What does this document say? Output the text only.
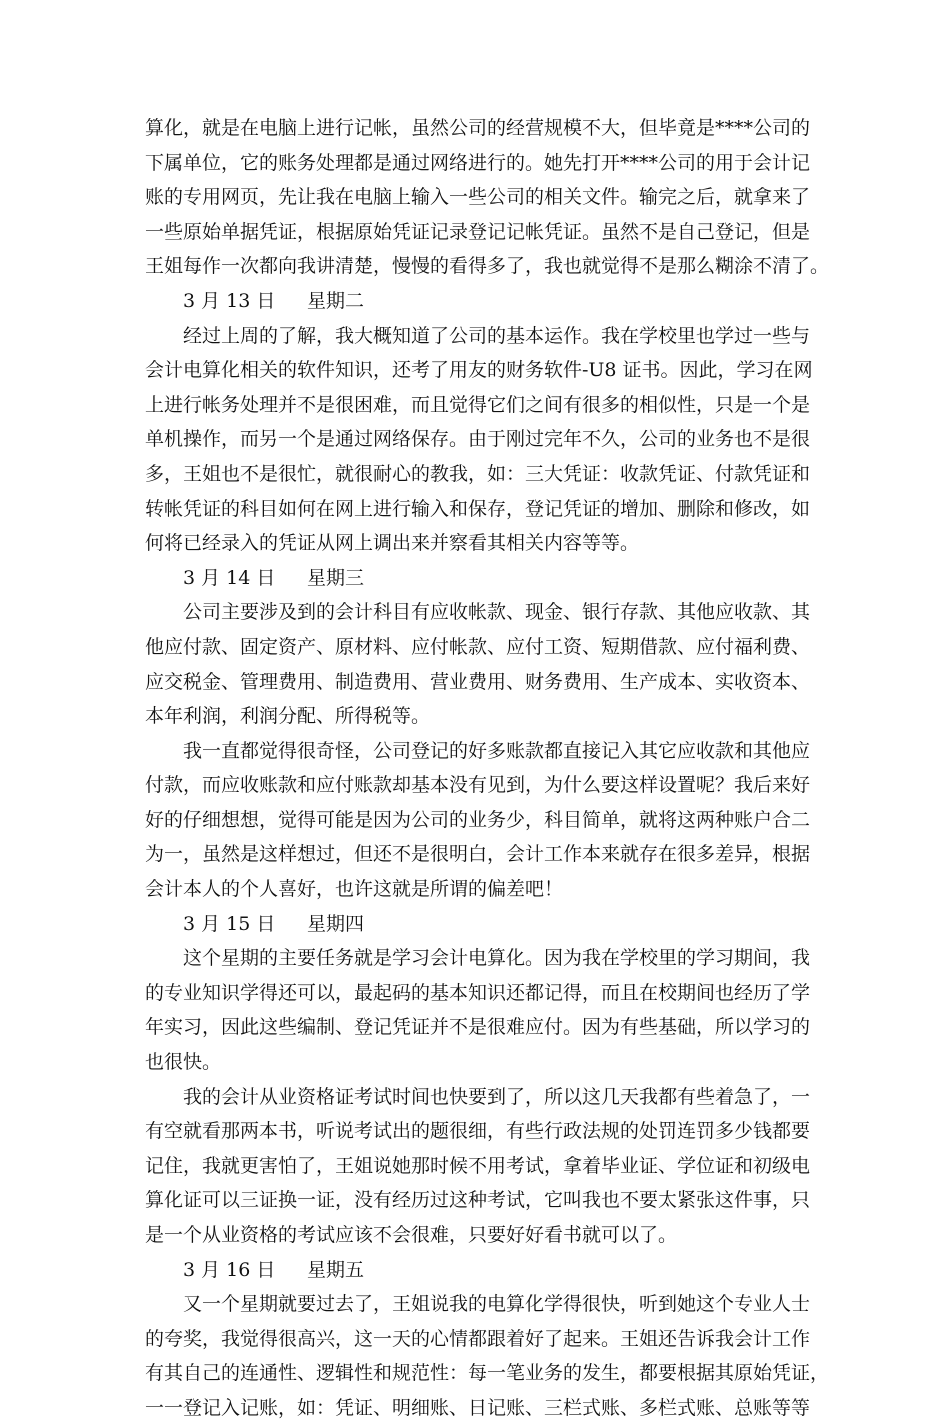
算化，就是在电脑上进行记帐，虽然公司的经营规模不大，但毕竟是****公司的
下属单位，它的账务处理都是通过网络进行的。她先打开****公司的用于会计记
账的专用网页，先让我在电脑上输入一些公司的相关文件。输完之后，就拿来了
一些原始单据凭证，根据原始凭证记录登记记帐凭证。虽然不是自己登记，但是
王姐每作一次都向我讲清楚，慢慢的看得多了，我也就觉得不是那么糊涂不清了。
3 月 13 日 星期二
经过上周的了解，我大概知道了公司的基本运作。我在学校里也学过一些与
会计电算化相关的软件知识，还考了用友的财务软件-U8 证书。因此，学习在网
上进行帐务处理并不是很困难，而且觉得它们之间有很多的相似性，只是一个是
单机操作，而另一个是通过网络保存。由于刚过完年不久，公司的业务也不是很
多，王姐也不是很忙，就很耐心的教我，如：三大凭证：收款凭证、付款凭证和
转帐凭证的科目如何在网上进行输入和保存，登记凭证的增加、删除和修改，如
何将已经录入的凭证从网上调出来并察看其相关内容等等。
3 月 14 日 星期三
公司主要涉及到的会计科目有应收帐款、现金、银行存款、其他应收款、其
他应付款、固定资产、原材料、应付帐款、应付工资、短期借款、应付福利费、
应交税金、管理费用、制造费用、营业费用、财务费用、生产成本、实收资本、
本年利润，利润分配、所得税等。
我一直都觉得很奇怪，公司登记的好多账款都直接记入其它应收款和其他应
付款，而应收账款和应付账款却基本没有见到，为什么要这样设置呢？我后来好
好的仔细想想，觉得可能是因为公司的业务少，科目简单，就将这两种账户合二
为一，虽然是这样想过，但还不是很明白，会计工作本来就存在很多差异，根据
会计本人的个人喜好，也许这就是所谓的偏差吧！
3 月 15 日 星期四
这个星期的主要任务就是学习会计电算化。因为我在学校里的学习期间，我
的专业知识学得还可以，最起码的基本知识还都记得，而且在校期间也经历了学
年实习，因此这些编制、登记凭证并不是很难应付。因为有些基础，所以学习的
也很快。
我的会计从业资格证考试时间也快要到了，所以这几天我都有些着急了，一
有空就看那两本书，听说考试出的题很细，有些行政法规的处罚连罚多少钱都要
记住，我就更害怕了，王姐说她那时候不用考试，拿着毕业证、学位证和初级电
算化证可以三证换一证，没有经历过这种考试，它叫我也不要太紧张这件事，只
是一个从业资格的考试应该不会很难，只要好好看书就可以了。
3 月 16 日 星期五
又一个星期就要过去了，王姐说我的电算化学得很快，听到她这个专业人士
的夸奖，我觉得很高兴，这一天的心情都跟着好了起来。王姐还告诉我会计工作
有其自己的连通性、逻辑性和规范性：每一笔业务的发生，都要根据其原始凭证，
一一登记入记账，如：凭证、明细账、日记账、三栏式账、多栏式账、总账等等
